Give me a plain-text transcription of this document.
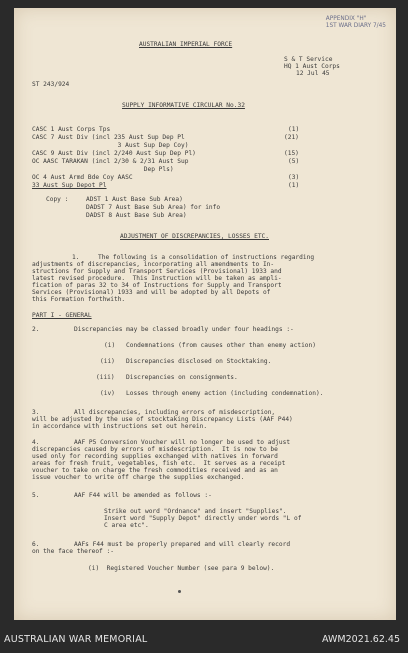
APPENDIX "H"
1ST WAR DIARY 7/45
AUSTRALIAN IMPERIAL FORCE
S & T Service
HQ 1 Aust Corps
12 Jul 45
ST 243/924
SUPPLY INFORMATIVE CIRCULAR No.32
CASC 1 Aust Corps Tps	(1)
CASC 7 Aust Div (incl 235 Aust Sup Dep Pl	(21)
3 Aust Sup Dep Coy)
CASC 9 Aust Div (incl 2/240 Aust Sup Dep Pl)	(15)
OC AASC TARAKAN (incl 2/30 & 2/31 Aust Sup	(5)
Dep Pls)
OC 4 Aust Armd Bde Coy AASC	(3)
33 Aust Sup Depot Pl	(1)
Copy :	ADST 1 Aust Base Sub Area)
DADST 7 Aust Base Sub Area) for info
DADST 8 Aust Base Sub Area)
ADJUSTMENT OF DISCREPANCIES, LOSSES ETC.
1.	The following is a consolidation of instructions regarding
adjustments of discrepancies, incorporating all amendments to In-
structions for Supply and Transport Services (Provisional) 1933 and
latest revised procedure.  This Instruction will be taken as ampli-
fication of paras 32 to 34 of Instructions for Supply and Transport
Services (Provisional) 1933 and will be adopted by all Depots of
this Formation forthwith.
PART I - GENERAL
2.	Discrepancies may be classed broadly under four headings :-
(i) Condemnations (from causes other than enemy action)
(ii) Discrepancies disclosed on Stocktaking.
(iii) Discrepancies on consignments.
(iv) Losses through enemy action (including condemnation).
3.	All discrepancies, including errors of misdescription,
will be adjusted by the use of stocktaking Discrepancy Lists (AAF P44)
in accordance with instructions set out herein.
4.	AAF P5 Conversion Voucher will no longer be used to adjust
discrepancies caused by errors of misdescription.  It is now to be
used only for recording supplies exchanged with natives in forward
areas for fresh fruit, vegetables, fish etc.  It serves as a receipt
voucher to take on charge the fresh commodities received and as an
issue voucher to write off charge the supplies exchanged.
5.	AAF F44 will be amended as follows :-
Strike out word "Ordnance" and insert "Supplies".
Insert word "Supply Depot" directly under words "L of
C area etc".
6.	AAFs F44 must be properly prepared and will clearly record
on the face thereof :-
(i)  Registered Voucher Number (see para 9 below).
AUSTRALIAN WAR MEMORIAL	AWM2021.62.45
